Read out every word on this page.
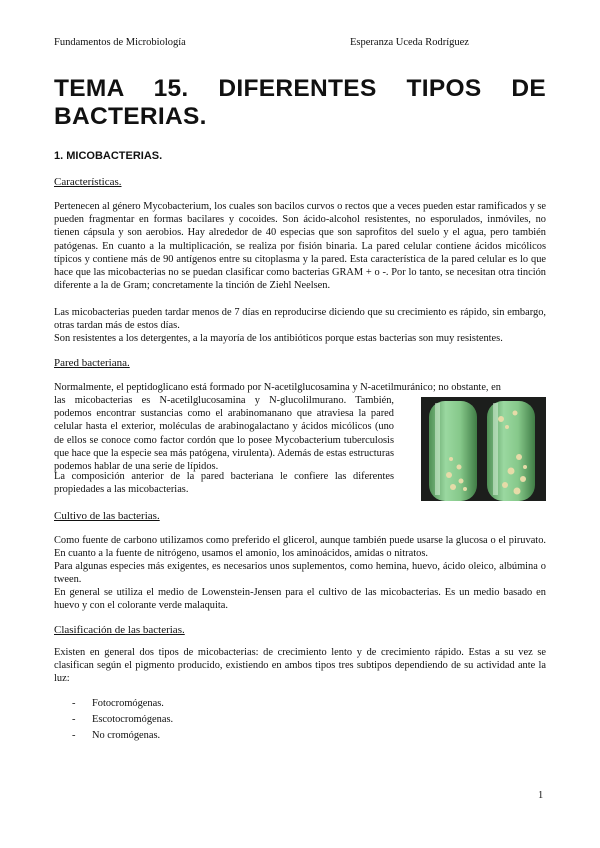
Fundamentos de Microbiología	Esperanza Uceda Rodríguez
TEMA 15. DIFERENTES TIPOS DE BACTERIAS.
1. MICOBACTERIAS.

Características.

Pertenecen al género Mycobacterium, los cuales son bacilos curvos o rectos que a veces pueden estar ramificados y se pueden fragmentar en formas bacilares y cocoides. Son ácido-alcohol resistentes, no esporulados, inmóviles, no tienen cápsula y son aerobios. Hay alrededor de 40 especias que son saprofitos del suelo y el agua, pero también patógenas. En cuanto a la multiplicación, se realiza por fisión binaria. La pared celular contiene ácidos micólicos típicos y contiene más de 90 antígenos entre su citoplasma y la pared. Esta característica de la pared celular es lo que hace que las micobacterias no se puedan clasificar como bacterias GRAM + o -. Por lo tanto, se necesitan otra tinción diferente a la de Gram; concretamente la tinción de Ziehl Neelsen.

Las micobacterias pueden tardar menos de 7 días en reproducirse diciendo que su crecimiento es rápido, sin embargo, otras tardan más de estos días.

Son resistentes a los detergentes, a la mayoría de los antibióticos porque estas bacterias son muy resistentes.

Pared bacteriana.

Normalmente, el peptidoglicano está formado por N-acetilglucosamina y N-acetilmuránico; no obstante, en

las micobacterias es N-acetilglucosamina y N-glucolilmurano. También, podemos encontrar sustancias como el arabinomanano que atraviesa la pared celular hasta el exterior, moléculas de arabinogalactano y ácidos micólicos (uno de ellos se conoce como factor cordón que lo posee Mycobacterium tuberculosis que hace que la especie sea más patógena, virulenta). Además de estas estructuras podemos hablar de una serie de lípidos.

La composición anterior de la pared bacteriana le confiere las diferentes propiedades a las micobacterias.

Cultivo de las bacterias.

Como fuente de carbono utilizamos como preferido el glicerol, aunque también puede usarse la glucosa o el piruvato. En cuanto a la fuente de nitrógeno, usamos el amonio, los aminoácidos, amidas o nitratos.

Para algunas especies más exigentes, es necesarios unos suplementos, como hemina, huevo, ácido oleico, albúmina o tween.

En general se utiliza el medio de Lowenstein-Jensen para el cultivo de las micobacterias. Es un medio basado en huevo y con el colorante verde malaquita.

Clasificación de las bacterias.

Existen en general dos tipos de micobacterias: de crecimiento lento y de crecimiento rápido. Estas a su vez se clasifican según el pigmento producido, existiendo en ambos tipos tres subtipos dependiendo de su actividad ante la luz:

- Fotocromógenas.
- Escotocromógenas.
- No cromógenas.
1
